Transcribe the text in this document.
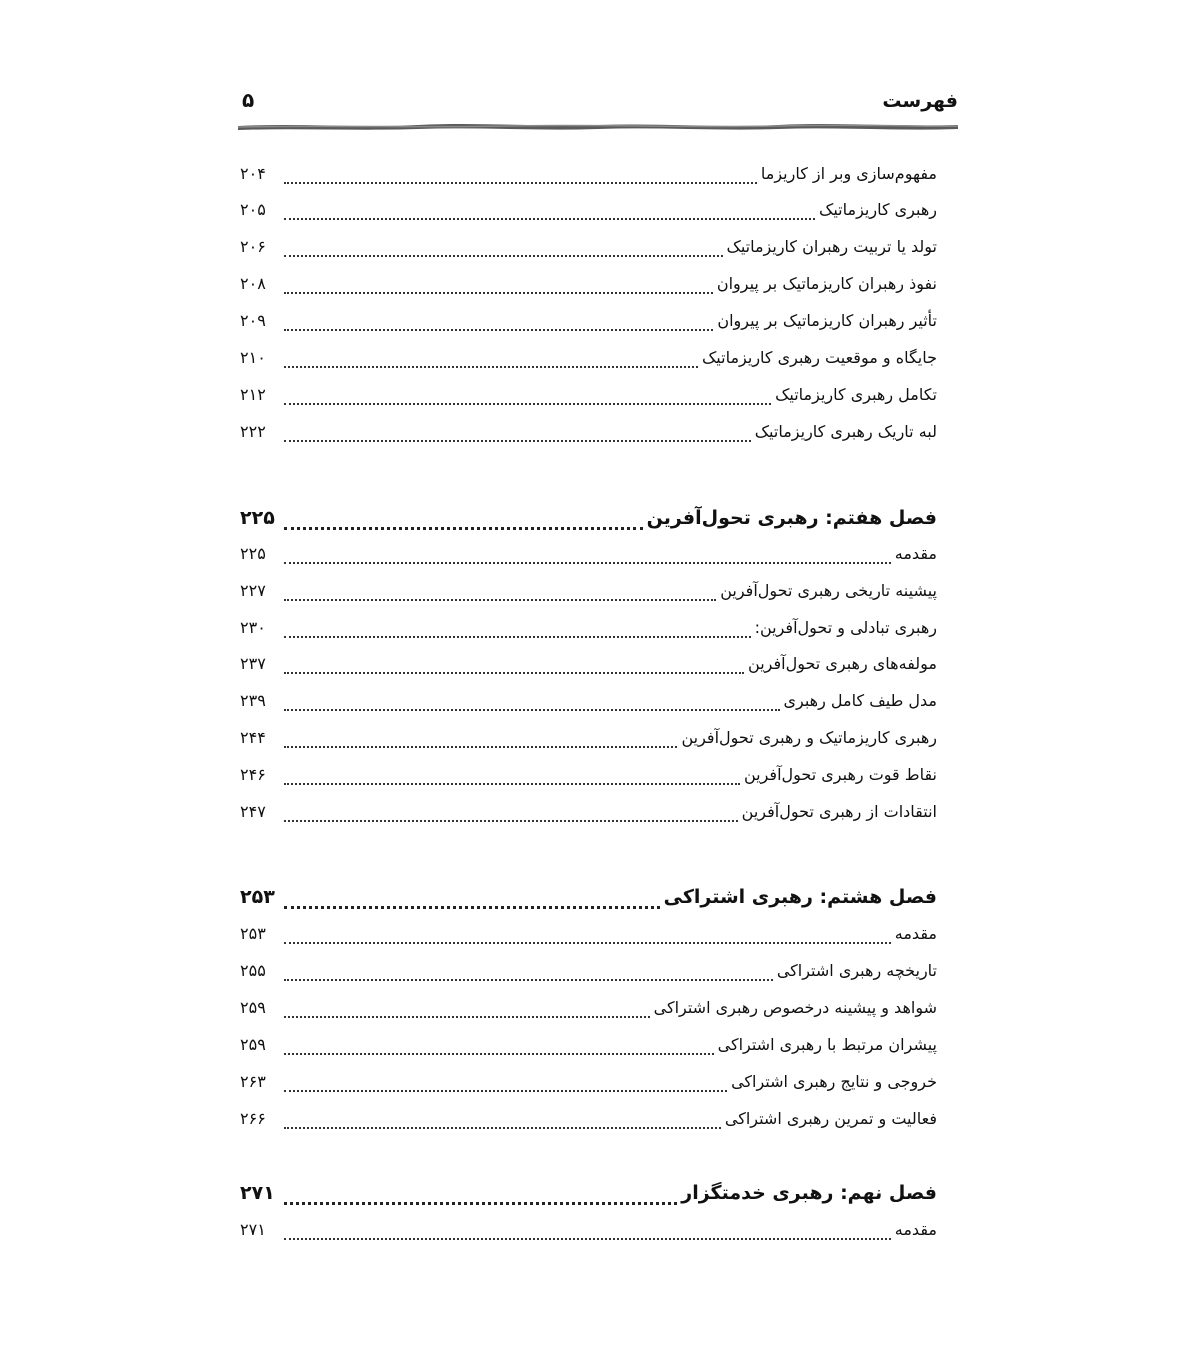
فهرست
۵
مفهوم‌سازی وبر از کاریزما
۲۰۴
رهبری کاریزماتیک
۲۰۵
تولد یا تربیت رهبران کاریزماتیک
۲۰۶
نفوذ رهبران کاریزماتیک بر پیروان
۲۰۸
تأثیر رهبران کاریزماتیک بر پیروان
۲۰۹
جایگاه و موقعیت رهبری کاریزماتیک
۲۱۰
تکامل رهبری کاریزماتیک
۲۱۲
لبه تاریک رهبری کاریزماتیک
۲۲۲
فصل هفتم: رهبری تحول‌آفرین
۲۲۵
مقدمه
۲۲۵
پیشینه تاریخی رهبری تحول‌آفرین
۲۲۷
رهبری تبادلی و تحول‌آفرین:
۲۳۰
مولفه‌های رهبری تحول‌آفرین
۲۳۷
مدل طیف کامل رهبری
۲۳۹
رهبری کاریزماتیک و رهبری تحول‌آفرین
۲۴۴
نقاط قوت رهبری تحول‌آفرین
۲۴۶
انتقادات از رهبری تحول‌آفرین
۲۴۷
فصل هشتم: رهبری اشتراکی
۲۵۳
مقدمه
۲۵۳
تاریخچه رهبری اشتراکی
۲۵۵
شواهد و پیشینه درخصوص رهبری اشتراکی
۲۵۹
پیشران مرتبط با رهبری اشتراکی
۲۵۹
خروجی و نتایج رهبری اشتراکی
۲۶۳
فعالیت و تمرین رهبری اشتراکی
۲۶۶
فصل نهم: رهبری خدمتگزار
۲۷۱
مقدمه
۲۷۱
